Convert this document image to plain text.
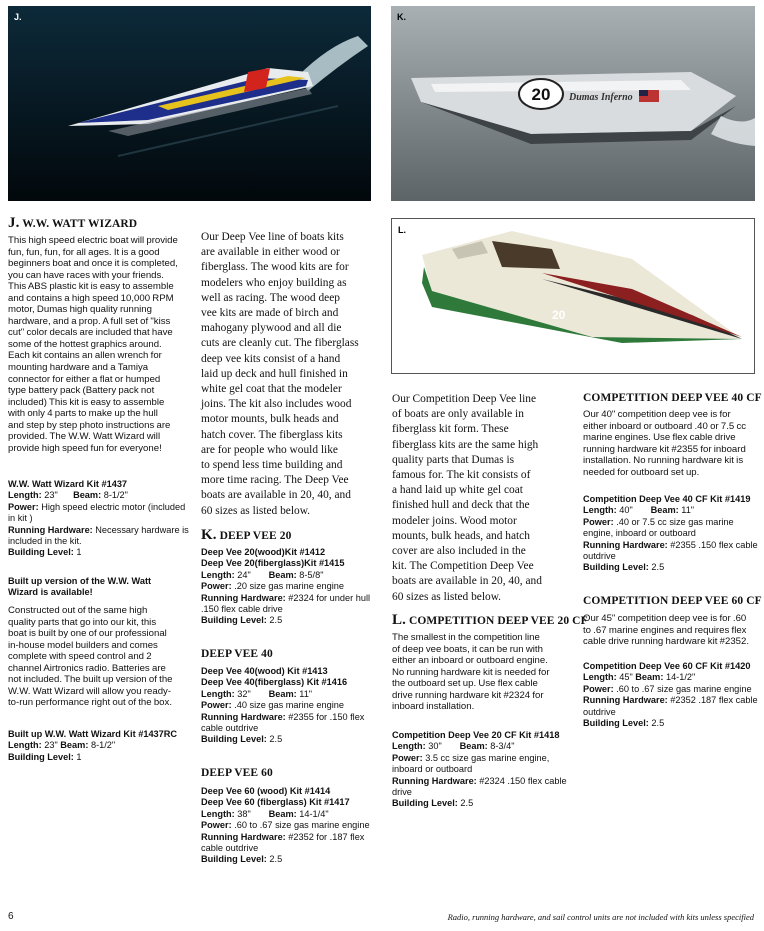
J.
20 Dumas Inferno
K.
20
L.
J. W.W. WATT WIZARD
This high speed electric boat will provide
fun, fun, fun, for all ages. It is a good
beginners boat and once it is completed,
you can have races with your friends.
This ABS plastic kit is easy to assemble
and contains a high speed 10,000 RPM
motor, Dumas high quality running
hardware, and a prop. A full set of "kiss
cut" color decals are included that have
some of the hottest graphics around.
Each kit contains an allen wrench for
mounting hardware and a Tamiya
connector for either a flat or humped
type battery pack (Battery pack not
included) This kit is easy to assemble
with only 4 parts to make up the hull
and step by step photo instructions are
provided. The W.W. Watt Wizard will
provide high speed fun for everyone!
W.W. Watt Wizard Kit #1437
Length: 23" Beam: 8-1/2"
Power: High speed electric motor (included in kit )
Running Hardware: Necessary hardware is included in the kit.
Building Level: 1
Built up version of the W.W. Watt Wizard is available!
Constructed out of the same high
quality parts that go into our kit, this
boat is built by one of our professional
in-house model builders and comes
complete with speed control and 2
channel Airtronics radio. Batteries are
not included. The built up version of the
W.W. Watt Wizard will allow you ready-
to-run performance right out of the box.
Built up W.W. Watt Wizard Kit #1437RC
Length: 23" Beam: 8-1/2"
Building Level: 1
Our Deep Vee line of boats kits
are available in either wood or
fiberglass. The wood kits are for
modelers who enjoy building as
well as racing. The wood deep
vee kits are made of birch and
mahogany plywood and all die
cuts are cleanly cut. The fiberglass
deep vee kits consist of a hand
laid up deck and hull finished in
white gel coat that the modeler
joins. The kit also includes wood
motor mounts, bulk heads and
hatch cover. The fiberglass kits
are for people who would like
to spend less time building and
more time racing. The Deep Vee
boats are available in 20, 40, and
60 sizes as listed below.
K. DEEP VEE 20
Deep Vee 20(wood)Kit #1412
Deep Vee 20(fiberglass)Kit #1415
Length: 24" Beam: 8-5/8"
Power: .20 size gas marine engine
Running Hardware: #2324 for under hull .150 flex cable drive
Building Level: 2.5
DEEP VEE 40
Deep Vee 40(wood) Kit #1413
Deep Vee 40(fiberglass) Kit #1416
Length: 32" Beam: 11"
Power: .40 size gas marine engine
Running Hardware: #2355 for .150 flex cable outdrive
Building Level: 2.5
DEEP VEE 60
Deep Vee 60 (wood) Kit #1414
Deep Vee 60 (fiberglass) Kit #1417
Length: 38" Beam: 14-1/4"
Power: .60 to .67 size gas marine engine
Running Hardware: #2352 for .187 flex cable outdrive
Building Level: 2.5
Our Competition Deep Vee line
of boats are only available in
fiberglass kit form. These
fiberglass kits are the same high
quality parts that Dumas is
famous for. The kit consists of
a hand laid up white gel coat
finished hull and deck that the
modeler joins. Wood motor
mounts, bulk heads, and hatch
cover are also included in the
kit. The Competition Deep Vee
boats are available in 20, 40, and
60 sizes as listed below.
L. COMPETITION DEEP VEE 20 CF
The smallest in the competition line
of deep vee boats, it can be run with
either an inboard or outboard engine.
No running hardware kit is needed for
the outboard set up. Use flex cable
drive running hardware kit #2324 for
inboard installation.
Competition Deep Vee 20 CF Kit #1418
Length: 30" Beam: 8-3/4"
Power: 3.5 cc size gas marine engine, inboard or outboard
Running Hardware: #2324 .150 flex cable drive
Building Level: 2.5
COMPETITION DEEP VEE 40 CF
Our 40" competition deep vee is for
either inboard or outboard .40 or 7.5 cc
marine engines. Use flex cable drive
running hardware kit #2355 for inboard
installation. No running hardware kit is
needed for outboard set up.
Competition Deep Vee 40 CF Kit #1419
Length: 40" Beam: 11"
Power: .40 or 7.5 cc size gas marine engine, inboard or outboard
Running Hardware: #2355 .150 flex cable outdrive
Building Level: 2.5
COMPETITION DEEP VEE 60 CF
Our 45" competition deep vee is for .60
to .67 marine engines and requires flex
cable drive running hardware kit #2352.
Competition Deep Vee 60 CF Kit #1420
Length: 45" Beam: 14-1/2"
Power: .60 to .67 size gas marine engine
Running Hardware: #2352 .187 flex cable outdrive
Building Level: 2.5
6	Radio, running hardware, and sail control units are not included with kits unless specified
